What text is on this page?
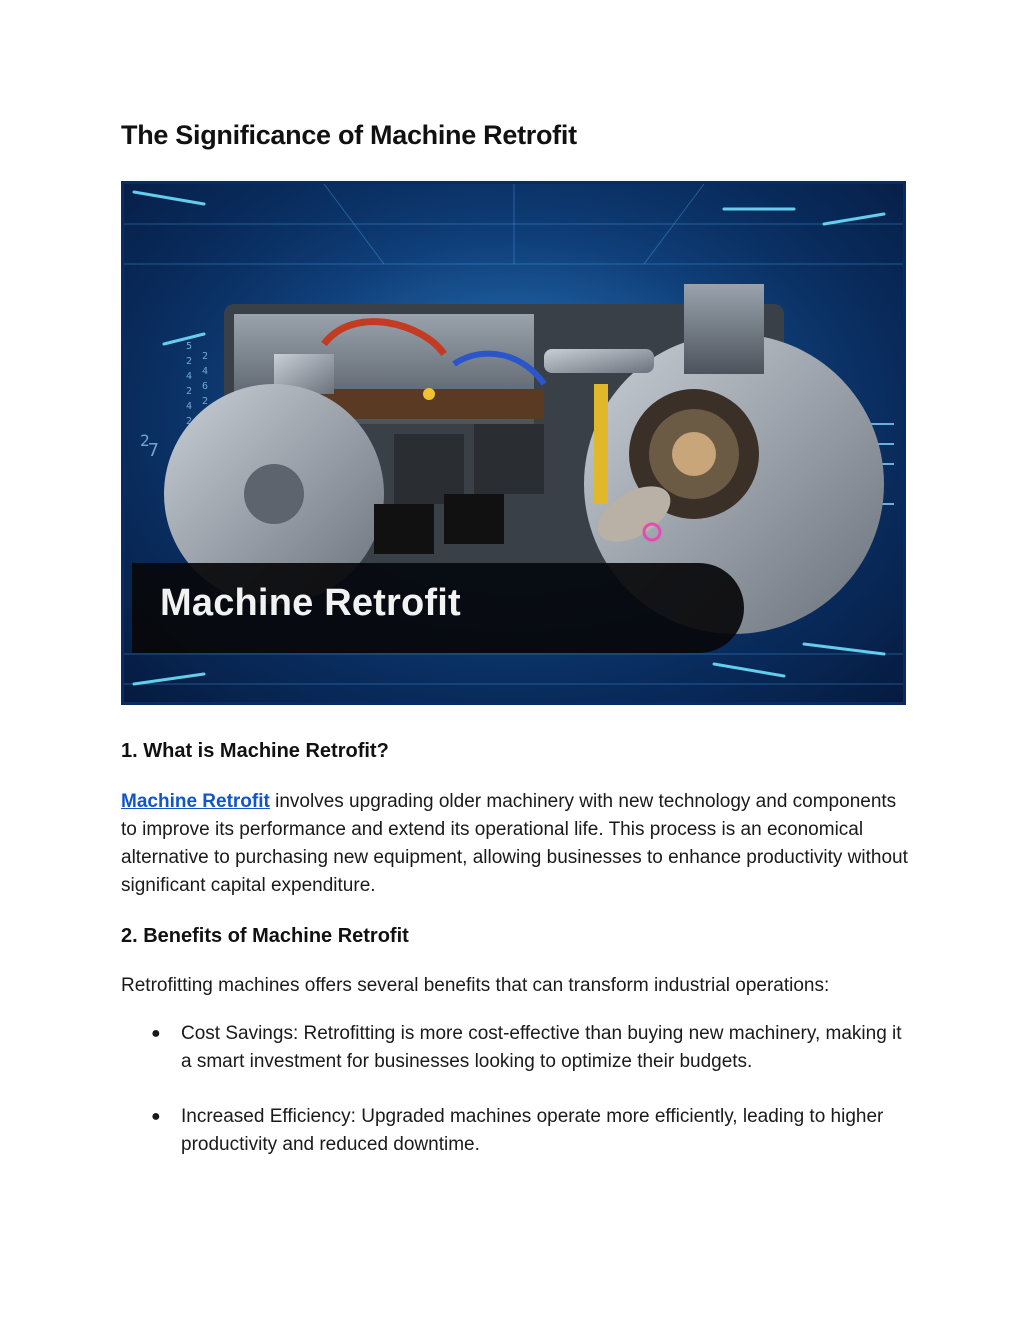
The Significance of Machine Retrofit
5
2
4
2
4
2
2
4
6
2
2
7
Machine Retrofit
1. What is Machine Retrofit?

Machine Retrofit involves upgrading older machinery with new technology and components to improve its performance and extend its operational life. This process is an economical alternative to purchasing new equipment, allowing businesses to enhance productivity without significant capital expenditure.

2. Benefits of Machine Retrofit

Retrofitting machines offers several benefits that can transform industrial operations:

● Cost Savings: Retrofitting is more cost-effective than buying new machinery, making it a smart investment for businesses looking to optimize their budgets.
● Increased Efficiency: Upgraded machines operate more efficiently, leading to higher productivity and reduced downtime.
